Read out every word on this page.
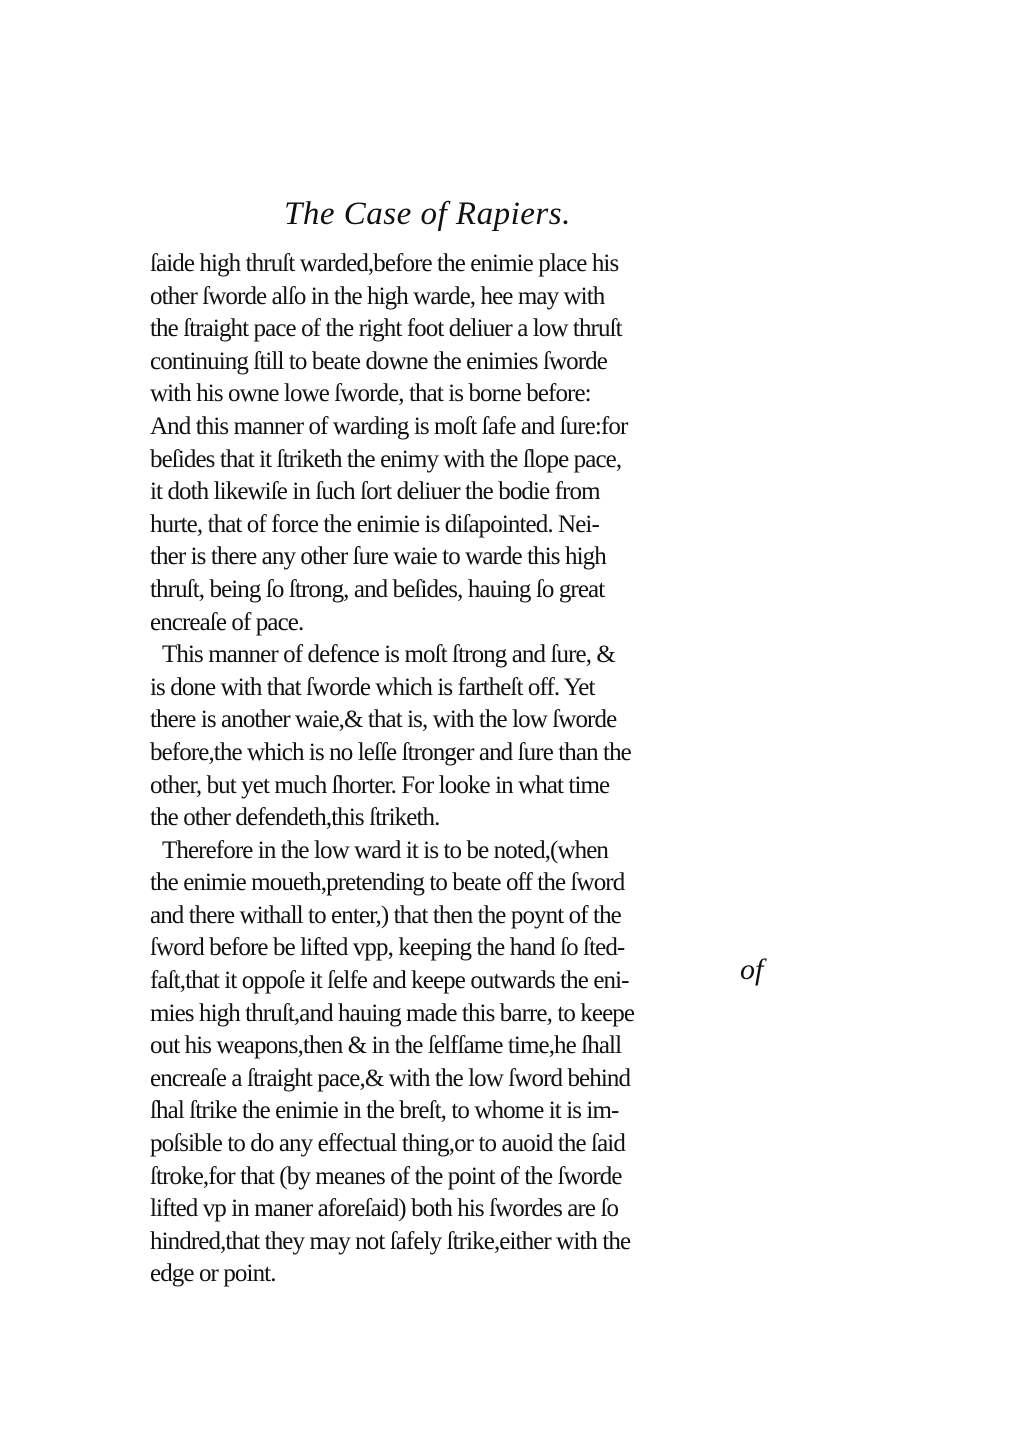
The Case of Rapiers.
ſaide high thruſt warded,before the enimie place his
other ſworde alſo in the high warde, hee may with
the ſtraight pace of the right foot deliuer a low thruſt
continuing ſtill to beate downe the enimies ſworde
with his owne lowe ſworde, that is borne before:
And this manner of warding is moſt ſafe and ſure:for
beſides that it ſtriketh the enimy with the ſlope pace,
it doth likewiſe in ſuch ſort deliuer the bodie from
hurte, that of force the enimie is diſapointed. Nei-
ther is there any other ſure waie to warde this high
thruſt, being ſo ſtrong, and beſides, hauing ſo great
encreaſe of pace.
This manner of defence is moſt ſtrong and ſure, &
is done with that ſworde which is fartheſt off. Yet
there is another waie,& that is, with the low ſworde
before,the which is no leſſe ſtronger and ſure than the
other, but yet much ſhorter. For looke in what time
the other defendeth,this ſtriketh.
Therefore in the low ward it is to be noted,(when
the enimie moueth,pretending to beate off the ſword
and there withall to enter,) that then the poynt of the
ſword before be lifted vpp, keeping the hand ſo ſted-
faſt,that it oppoſe it ſelfe and keepe outwards the eni-
mies high thruſt,and hauing made this barre, to keepe
out his weapons,then & in the ſelfſame time,he ſhall
encreaſe a ſtraight pace,& with the low ſword behind
ſhal ſtrike the enimie in the breſt, to whome it is im-
poſsible to do any effectual thing,or to auoid the ſaid
ſtroke,for that (by meanes of the point of the ſworde
lifted vp in maner aforeſaid) both his ſwordes are ſo
hindred,that they may not ſafely ſtrike,either with the
edge or point.
of
